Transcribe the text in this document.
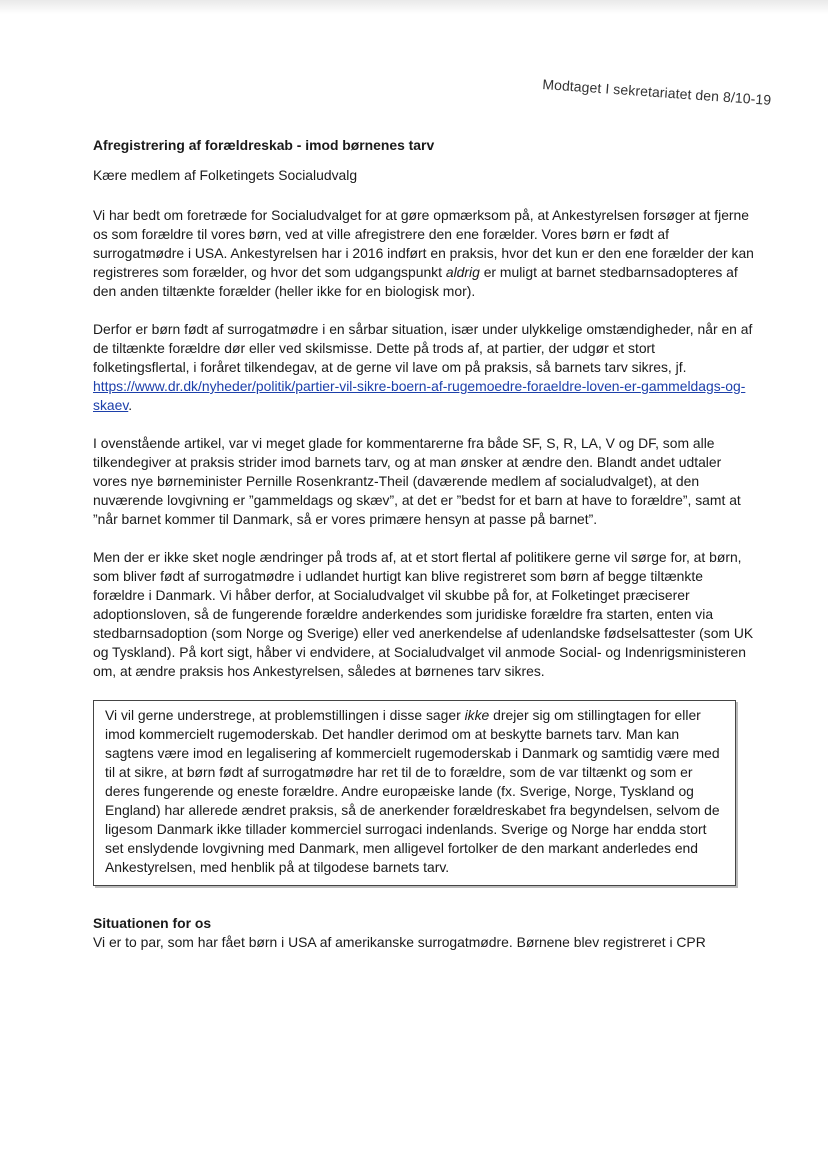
Modtaget I sekretariatet den 8/10-19
Afregistrering af forældreskab - imod børnenes tarv
Kære medlem af Folketingets Socialudvalg
Vi har bedt om foretræde for Socialudvalget for at gøre opmærksom på, at Ankestyrelsen forsøger at fjerne os som forældre til vores børn, ved at ville afregistrere den ene forælder. Vores børn er født af surrogatmødre i USA. Ankestyrelsen har i 2016 indført en praksis, hvor det kun er den ene forælder der kan registreres som forælder, og hvor det som udgangspunkt aldrig er muligt at barnet stedbarnsadopteres af den anden tiltænkte forælder (heller ikke for en biologisk mor).
Derfor er børn født af surrogatmødre i en sårbar situation, især under ulykkelige omstændigheder, når en af de tiltænkte forældre dør eller ved skilsmisse. Dette på trods af, at partier, der udgør et stort folketingsflertal, i foråret tilkendegav, at de gerne vil lave om på praksis, så barnets tarv sikres, jf. https://www.dr.dk/nyheder/politik/partier-vil-sikre-boern-af-rugemoedre-foraeldre-loven-er-gammeldags-og-skaev.
I ovenstående artikel, var vi meget glade for kommentarerne fra både SF, S, R, LA, V og DF, som alle tilkendegiver at praksis strider imod barnets tarv, og at man ønsker at ændre den. Blandt andet udtaler vores nye børneminister Pernille Rosenkrantz-Theil (daværende medlem af socialudvalget), at den nuværende lovgivning er ”gammeldags og skæv”, at det er ”bedst for et barn at have to forældre”, samt at ”når barnet kommer til Danmark, så er vores primære hensyn at passe på barnet”.
Men der er ikke sket nogle ændringer på trods af, at et stort flertal af politikere gerne vil sørge for, at børn, som bliver født af surrogatmødre i udlandet hurtigt kan blive registreret som børn af begge tiltænkte forældre i Danmark. Vi håber derfor, at Socialudvalget vil skubbe på for, at Folketinget præciserer adoptionsloven, så de fungerende forældre anderkendes som juridiske forældre fra starten, enten via stedbarnsadoption (som Norge og Sverige) eller ved anerkendelse af udenlandske fødselsattester (som UK og Tyskland). På kort sigt, håber vi endvidere, at Socialudvalget vil anmode Social- og Indenrigsministeren om, at ændre praksis hos Ankestyrelsen, således at børnenes tarv sikres.
Vi vil gerne understrege, at problemstillingen i disse sager ikke drejer sig om stillingtagen for eller imod kommercielt rugemoderskab. Det handler derimod om at beskytte barnets tarv. Man kan sagtens være imod en legalisering af kommercielt rugemoderskab i Danmark og samtidig være med til at sikre, at børn født af surrogatmødre har ret til de to forældre, som de var tiltænkt og som er deres fungerende og eneste forældre. Andre europæiske lande (fx. Sverige, Norge, Tyskland og England) har allerede ændret praksis, så de anerkender forældreskabet fra begyndelsen, selvom de ligesom Danmark ikke tillader kommerciel surrogaci indenlands. Sverige og Norge har endda stort set enslydende lovgivning med Danmark, men alligevel fortolker de den markant anderledes end Ankestyrelsen, med henblik på at tilgodese barnets tarv.
Situationen for os
Vi er to par, som har fået børn i USA af amerikanske surrogatmødre. Børnene blev registreret i CPR
